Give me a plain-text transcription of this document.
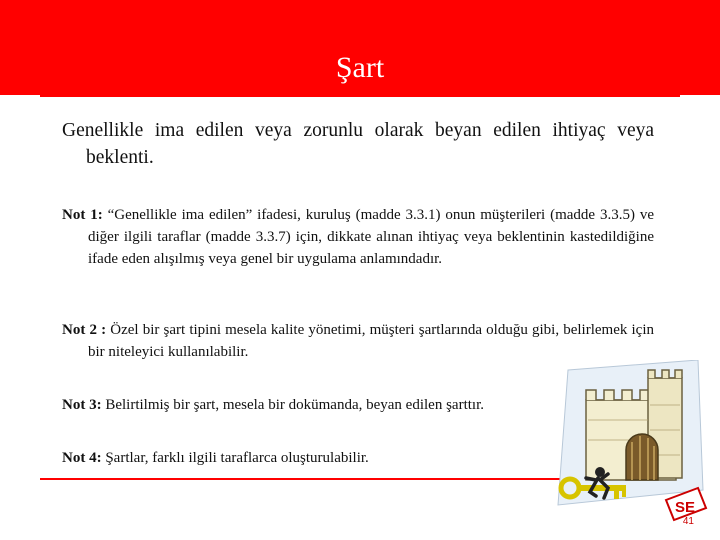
Şart
Genellikle ima edilen veya zorunlu olarak beyan edilen ihtiyaç veya beklenti.
Not 1: “Genellikle ima edilen” ifadesi, kuruluş (madde 3.3.1) onun müşterileri (madde 3.3.5) ve diğer ilgili taraflar (madde 3.3.7) için, dikkate alınan ihtiyaç veya beklentinin kastedildiğine ifade eden alışılmış veya genel bir uygulama anlamındadır.
Not 2 : Özel bir şart tipini mesela kalite yönetimi, müşteri şartlarında olduğu gibi, belirlemek için bir niteleyici kullanılabilir.
Not 3: Belirtilmiş bir şart, mesela bir dokümanda, beyan edilen şarttır.
Not 4: Şartlar, farklı ilgili taraflarca oluşturulabilir.
SE
41
